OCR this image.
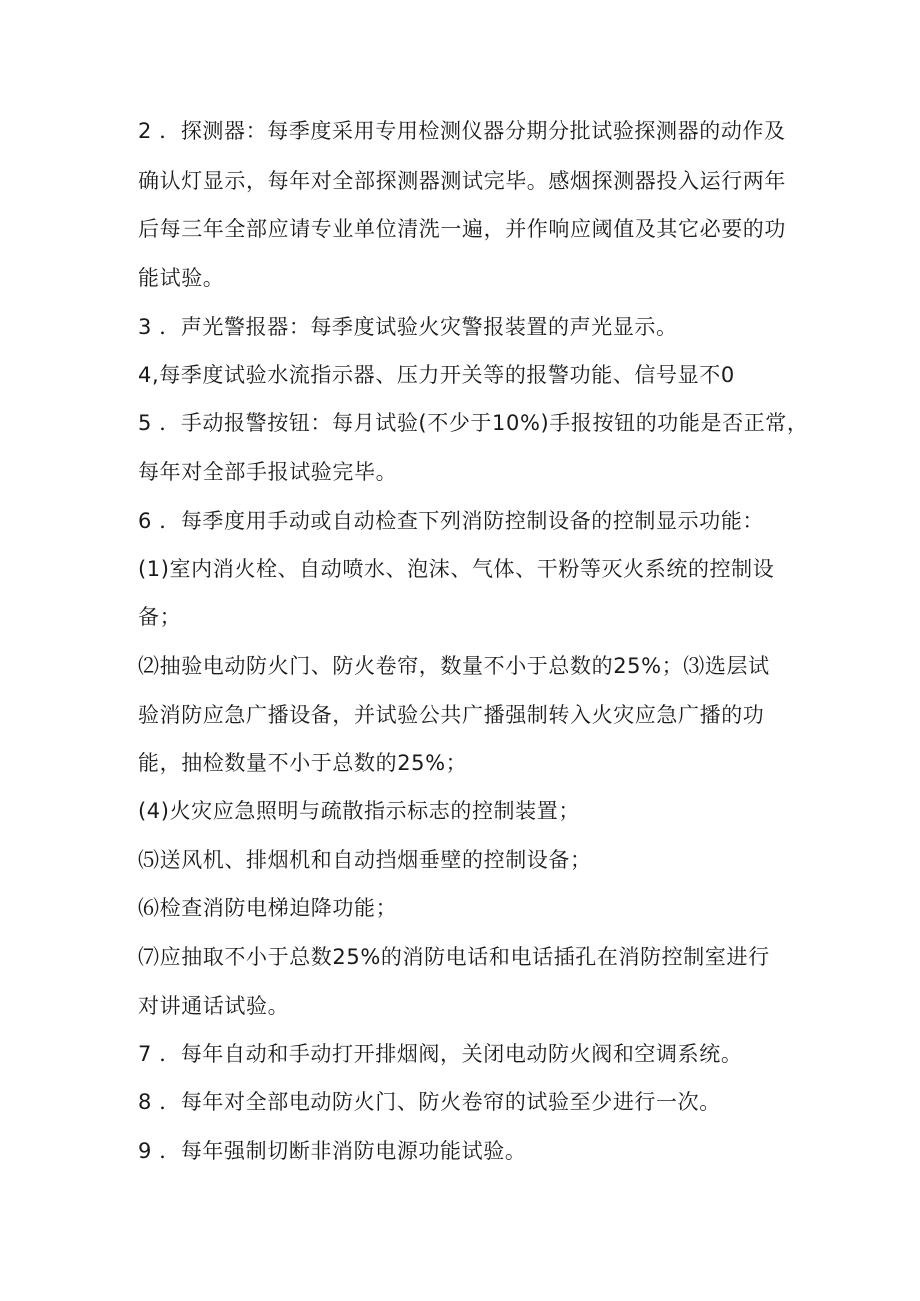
2 ．探测器：每季度采用专用检测仪器分期分批试验探测器的动作及
确认灯显示，每年对全部探测器测试完毕。感烟探测器投入运行两年
后每三年全部应请专业单位清洗一遍，并作响应阈值及其它必要的功
能试验。
3 ．声光警报器：每季度试验火灾警报装置的声光显示。
4,每季度试验水流指示器、压力开关等的报警功能、信号显不0
5 ．手动报警按钮：每月试验(不少于10%)手报按钮的功能是否正常，
每年对全部手报试验完毕。
6 ．每季度用手动或自动检查下列消防控制设备的控制显示功能：
(1)室内消火栓、自动喷水、泡沫、气体、干粉等灭火系统的控制设
备；
⑵抽验电动防火门、防火卷帘，数量不小于总数的25%；⑶选层试
验消防应急广播设备，并试验公共广播强制转入火灾应急广播的功
能，抽检数量不小于总数的25%；
(4)火灾应急照明与疏散指示标志的控制装置；
⑸送风机、排烟机和自动挡烟垂壁的控制设备；
⑹检查消防电梯迫降功能；
⑺应抽取不小于总数25%的消防电话和电话插孔在消防控制室进行
对讲通话试验。
7 ．每年自动和手动打开排烟阀，关闭电动防火阀和空调系统。
8 ．每年对全部电动防火门、防火卷帘的试验至少进行一次。
9 ．每年强制切断非消防电源功能试验。
